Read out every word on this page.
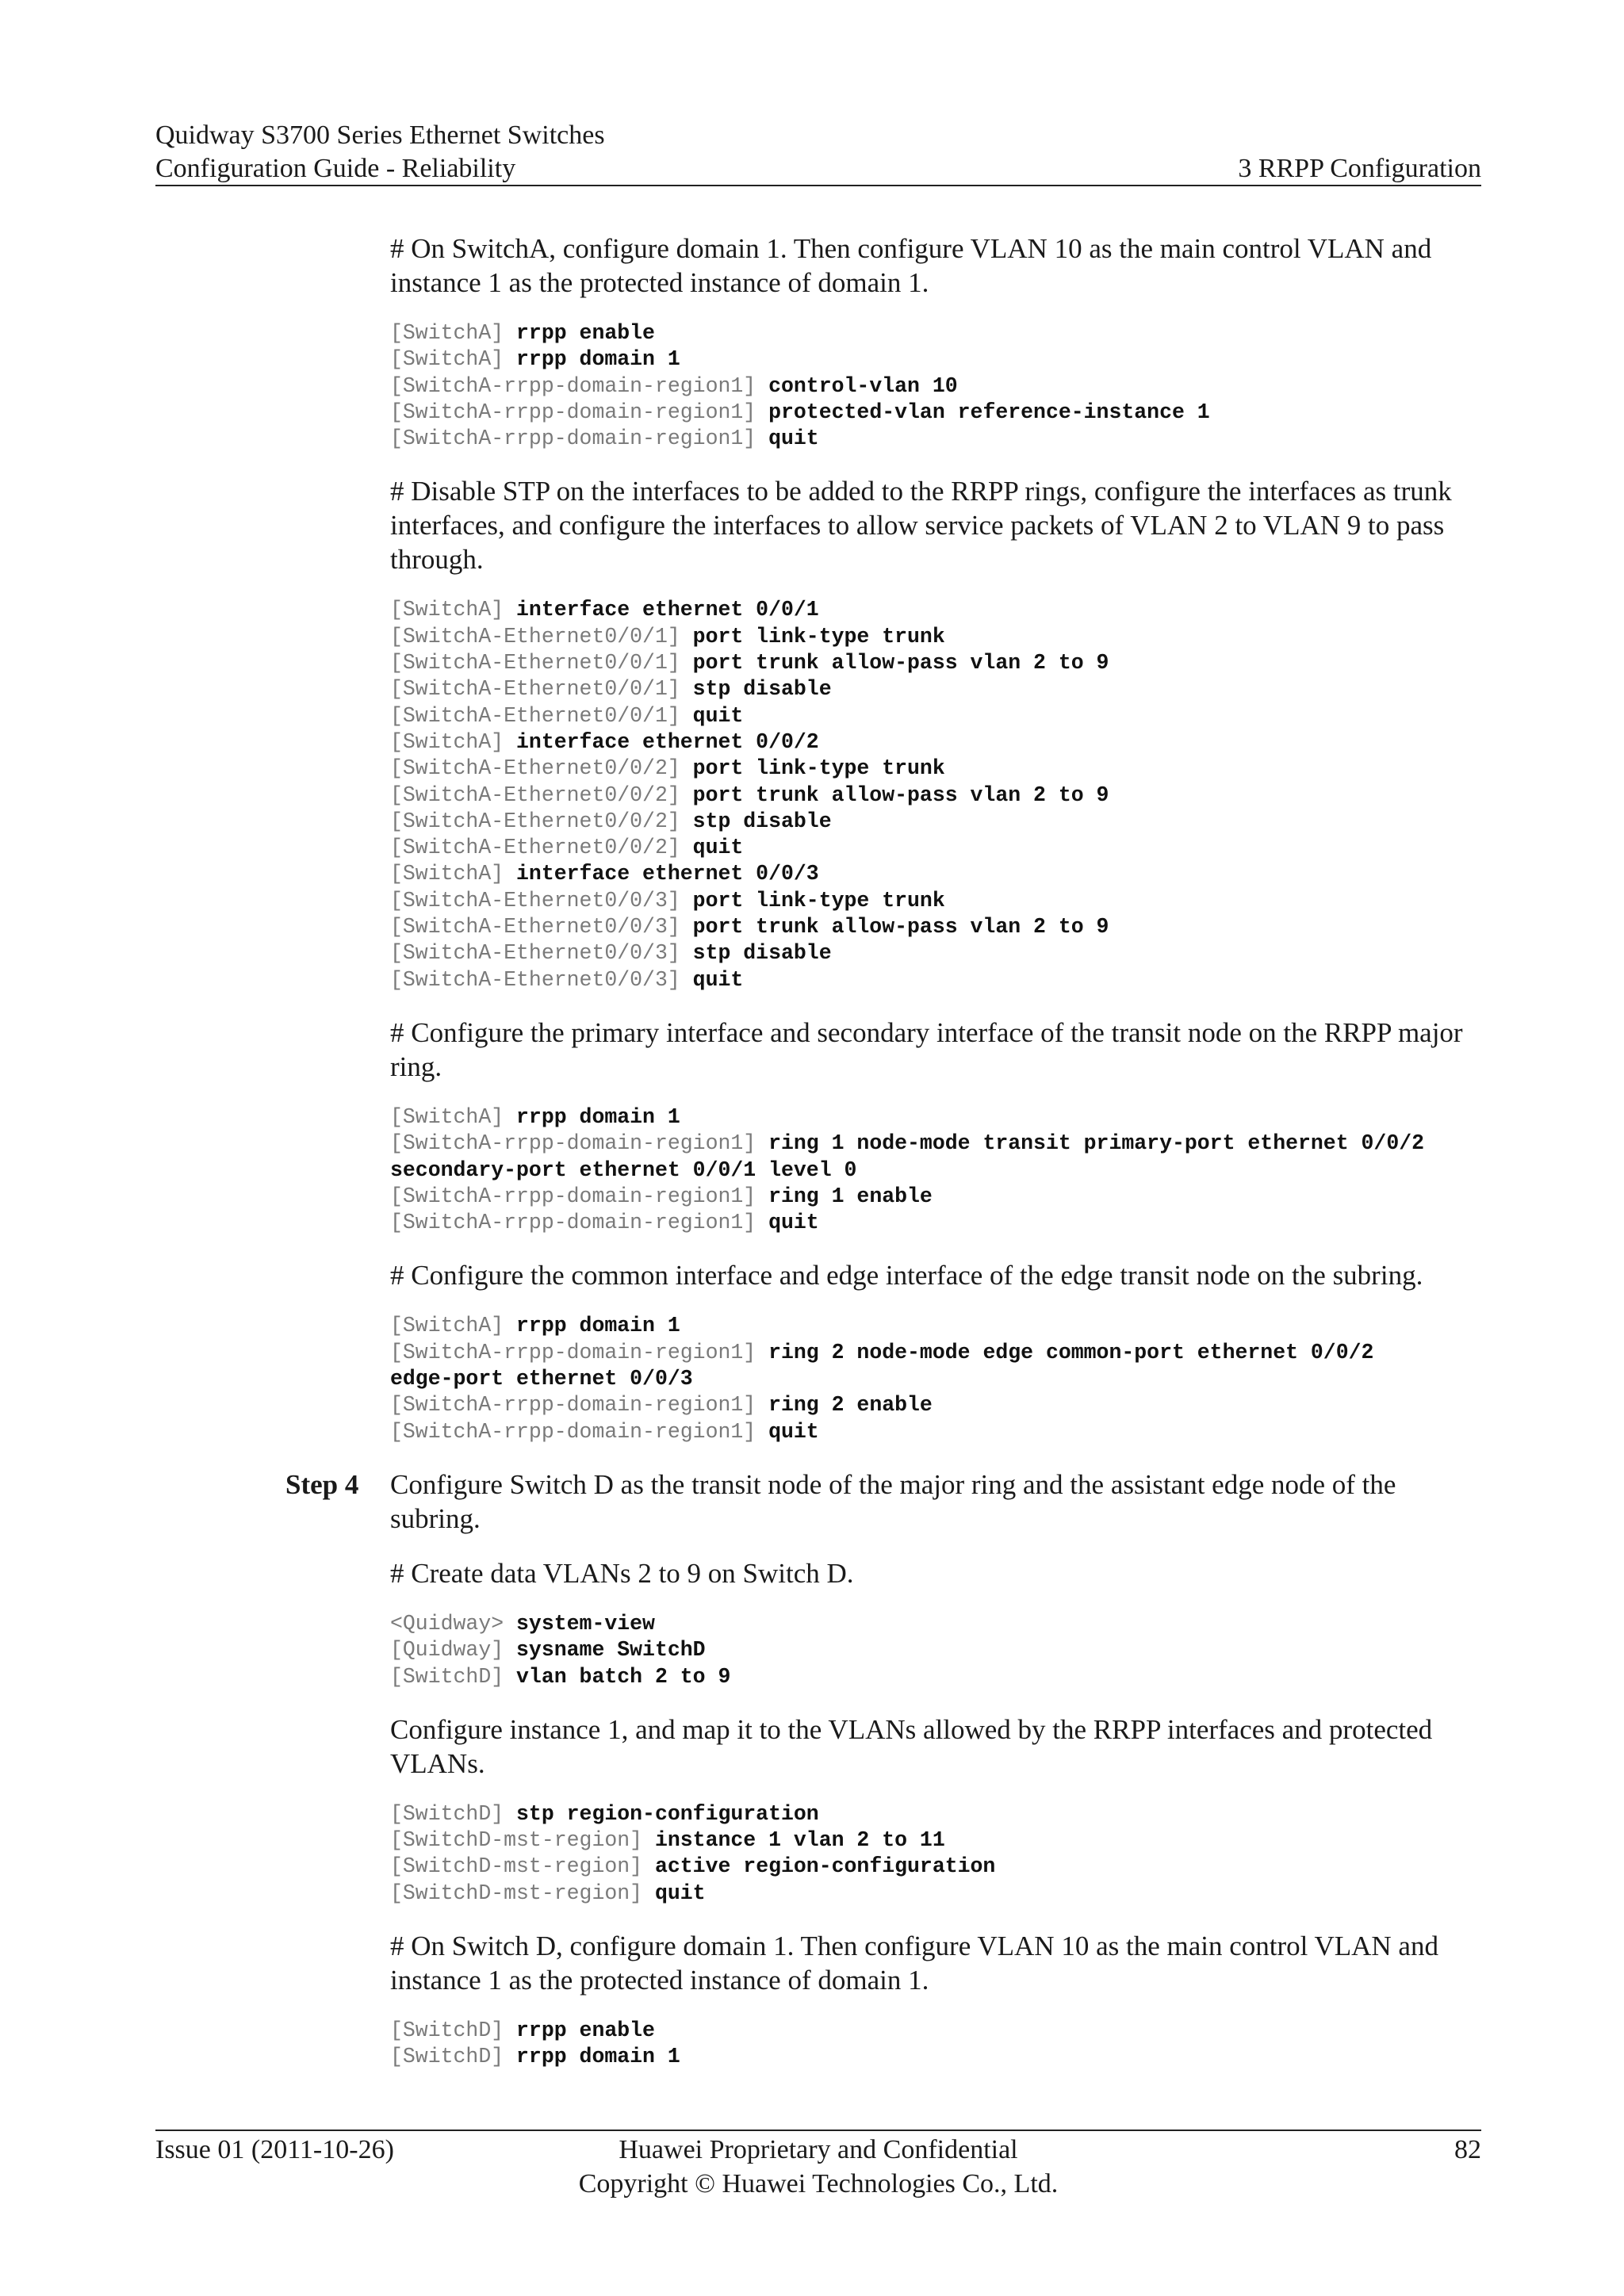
Quidway S3700 Series Ethernet Switches
Configuration Guide - Reliability	3 RRPP Configuration

# On SwitchA, configure domain 1. Then configure VLAN 10 as the main control VLAN and instance 1 as the protected instance of domain 1.

[SwitchA] rrpp enable
[SwitchA] rrpp domain 1
[SwitchA-rrpp-domain-region1] control-vlan 10
[SwitchA-rrpp-domain-region1] protected-vlan reference-instance 1
[SwitchA-rrpp-domain-region1] quit

# Disable STP on the interfaces to be added to the RRPP rings, configure the interfaces as trunk interfaces, and configure the interfaces to allow service packets of VLAN 2 to VLAN 9 to pass through.

[SwitchA] interface ethernet 0/0/1
[SwitchA-Ethernet0/0/1] port link-type trunk
[SwitchA-Ethernet0/0/1] port trunk allow-pass vlan 2 to 9
[SwitchA-Ethernet0/0/1] stp disable
[SwitchA-Ethernet0/0/1] quit
[SwitchA] interface ethernet 0/0/2
[SwitchA-Ethernet0/0/2] port link-type trunk
[SwitchA-Ethernet0/0/2] port trunk allow-pass vlan 2 to 9
[SwitchA-Ethernet0/0/2] stp disable
[SwitchA-Ethernet0/0/2] quit
[SwitchA] interface ethernet 0/0/3
[SwitchA-Ethernet0/0/3] port link-type trunk
[SwitchA-Ethernet0/0/3] port trunk allow-pass vlan 2 to 9
[SwitchA-Ethernet0/0/3] stp disable
[SwitchA-Ethernet0/0/3] quit

# Configure the primary interface and secondary interface of the transit node on the RRPP major ring.

[SwitchA] rrpp domain 1
[SwitchA-rrpp-domain-region1] ring 1 node-mode transit primary-port ethernet 0/0/2
secondary-port ethernet 0/0/1 level 0
[SwitchA-rrpp-domain-region1] ring 1 enable
[SwitchA-rrpp-domain-region1] quit

# Configure the common interface and edge interface of the edge transit node on the subring.

[SwitchA] rrpp domain 1
[SwitchA-rrpp-domain-region1] ring 2 node-mode edge common-port ethernet 0/0/2
edge-port ethernet 0/0/3
[SwitchA-rrpp-domain-region1] ring 2 enable
[SwitchA-rrpp-domain-region1] quit
Step 4 Configure Switch D as the transit node of the major ring and the assistant edge node of the subring.

# Create data VLANs 2 to 9 on Switch D.

<Quidway> system-view
[Quidway] sysname SwitchD
[SwitchD] vlan batch 2 to 9

Configure instance 1, and map it to the VLANs allowed by the RRPP interfaces and protected VLANs.

[SwitchD] stp region-configuration
[SwitchD-mst-region] instance 1 vlan 2 to 11
[SwitchD-mst-region] active region-configuration
[SwitchD-mst-region] quit

# On Switch D, configure domain 1. Then configure VLAN 10 as the main control VLAN and instance 1 as the protected instance of domain 1.

[SwitchD] rrpp enable
[SwitchD] rrpp domain 1
Issue 01 (2011-10-26)	Huawei Proprietary and Confidential
Copyright © Huawei Technologies Co., Ltd.
82
